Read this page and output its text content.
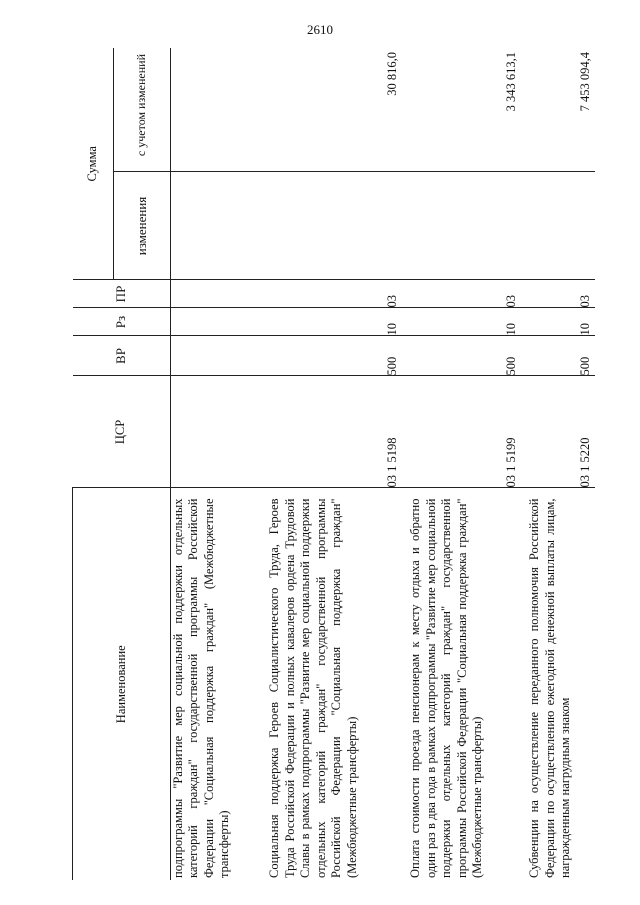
2610
Наименование	ЦСР	ВР	Рз	ПР	Сумма	
					изменения	с учетом изменений
подпрограммы "Развитие мер социальной поддержки отдельных категорий граждан" государственной программы Российской Федерации "Социальная поддержка граждан" (Межбюджетные трансферты)						

Социальная поддержка Героев Социалистического Труда, Героев Труда Российской Федерации и полных кавалеров ордена Трудовой Славы в рамках подпрограммы "Развитие мер социальной поддержки отдельных категорий граждан" государственной программы Российской Федерации "Социальная поддержка граждан" (Межбюджетные трансферты)	03 1 5198	500	10	03		30 816,0

Оплата стоимости проезда пенсионерам к месту отдыха и обратно один раз в два года в рамках подпрограммы "Развитие мер социальной поддержки отдельных категорий граждан" государственной программы Российской Федерации "Социальная поддержка граждан" (Межбюджетные трансферты)	03 1 5199	500	10	03		3 343 613,1

Субвенции на осуществление переданного полномочия Российской Федерации по осуществлению ежегодной денежной выплаты лицам, награжденным нагрудным знаком	03 1 5220	500	10	03		7 453 094,4
